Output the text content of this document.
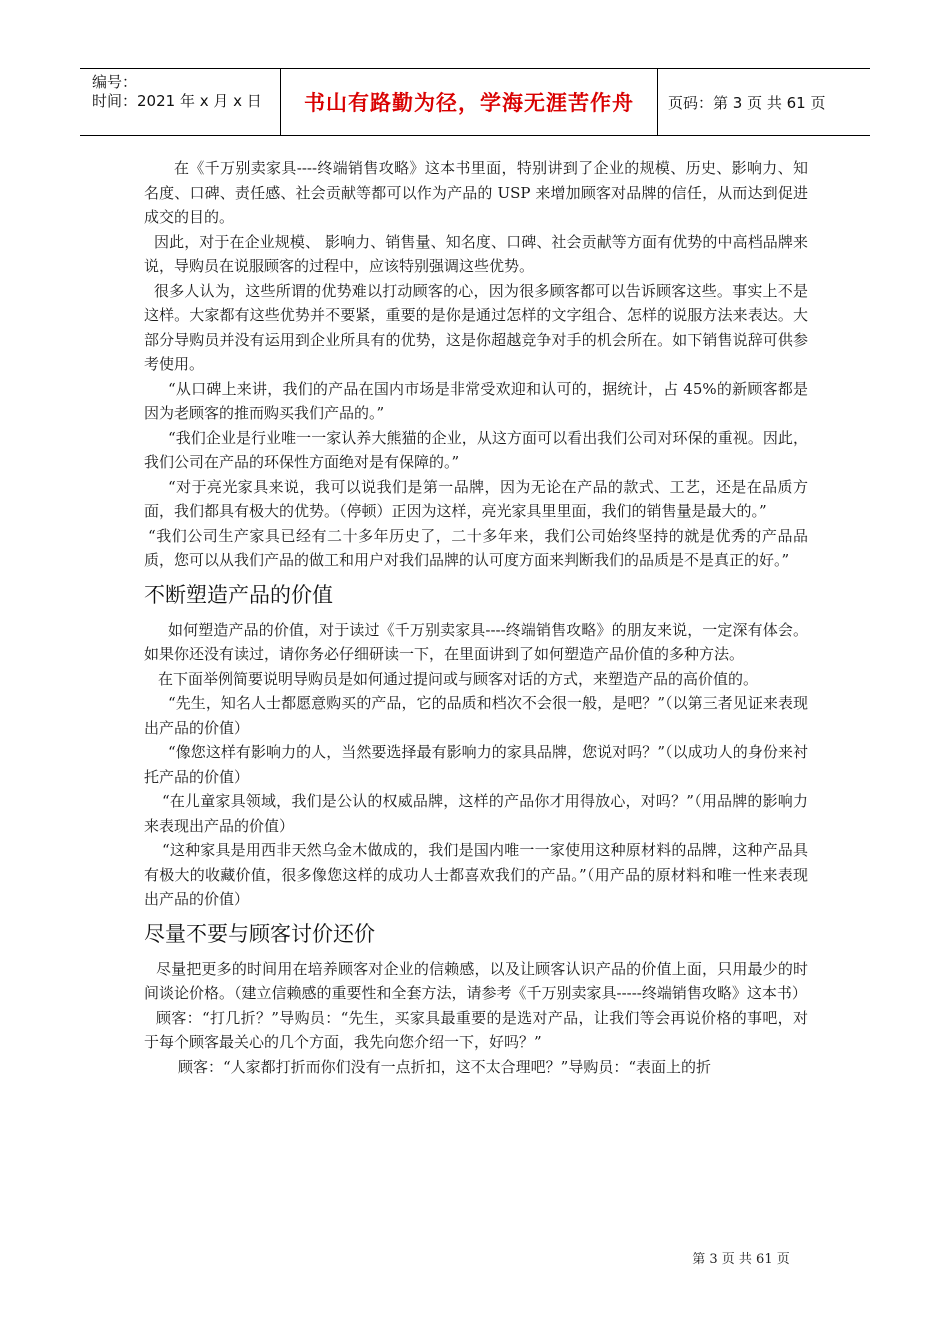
编号：
时间：2021 年 x 月 x 日	书山有路勤为径，学海无涯苦作舟 页码：第 3 页 共 61 页

在《千万别卖家具----终端销售攻略》这本书里面，特别讲到了企业的规模、历史、影响力、知名度、口碑、责任感、社会贡献等都可以作为产品的 USP 来增加顾客对品牌的信任，从而达到促进成交的目的。

因此，对于在企业规模、 影响力、销售量、知名度、口碑、社会贡献等方面有优势的中高档品牌来说，导购员在说服顾客的过程中，应该特别强调这些优势。

很多人认为，这些所谓的优势难以打动顾客的心，因为很多顾客都可以告诉顾客这些。事实上不是这样。大家都有这些优势并不要紧，重要的是你是通过怎样的文字组合、怎样的说服方法来表达。大部分导购员并没有运用到企业所具有的优势，这是你超越竞争对手的机会所在。如下销售说辞可供参考使用。

“从口碑上来讲，我们的产品在国内市场是非常受欢迎和认可的，据统计，占 45%的新顾客都是因为老顾客的推而购买我们产品的。”

“我们企业是行业唯一一家认养大熊猫的企业，从这方面可以看出我们公司对环保的重视。因此，我们公司在产品的环保性方面绝对是有保障的。”

“对于亮光家具来说，我可以说我们是第一品牌，因为无论在产品的款式、工艺，还是在品质方面，我们都具有极大的优势。（停顿）正因为这样，亮光家具里里面，我们的销售量是最大的。”

“我们公司生产家具已经有二十多年历史了，二十多年来，我们公司始终坚持的就是优秀的产品品质，您可以从我们产品的做工和用户对我们品牌的认可度方面来判断我们的品质是不是真正的好。”

不断塑造产品的价值

如何塑造产品的价值，对于读过《千万别卖家具----终端销售攻略》的朋友来说，一定深有体会。如果你还没有读过，请你务必仔细研读一下，在里面讲到了如何塑造产品价值的多种方法。

在下面举例简要说明导购员是如何通过提问或与顾客对话的方式，来塑造产品的高价值的。

“先生，知名人士都愿意购买的产品，它的品质和档次不会很一般，是吧？”（以第三者见证来表现出产品的价值）

“像您这样有影响力的人，当然要选择最有影响力的家具品牌，您说对吗？”（以成功人的身份来衬托产品的价值）

“在儿童家具领域，我们是公认的权威品牌，这样的产品你才用得放心，对吗？”（用品牌的影响力来表现出产品的价值）

“这种家具是用西非天然乌金木做成的，我们是国内唯一一家使用这种原材料的品牌，这种产品具有极大的收藏价值，很多像您这样的成功人士都喜欢我们的产品。”（用产品的原材料和唯一性来表现出产品的价值）

尽量不要与顾客讨价还价

尽量把更多的时间用在培养顾客对企业的信赖感，以及让顾客认识产品的价值上面，只用最少的时间谈论价格。（建立信赖感的重要性和全套方法，请参考《千万别卖家具-----终端销售攻略》这本书）

顾客：“打几折？”导购员：“先生，买家具最重要的是选对产品，让我们等会再说价格的事吧，对于每个顾客最关心的几个方面，我先向您介绍一下，好吗？”

顾客：“人家都打折而你们没有一点折扣，这不太合理吧？”导购员：“表面上的折

第 3 页 共 61 页
